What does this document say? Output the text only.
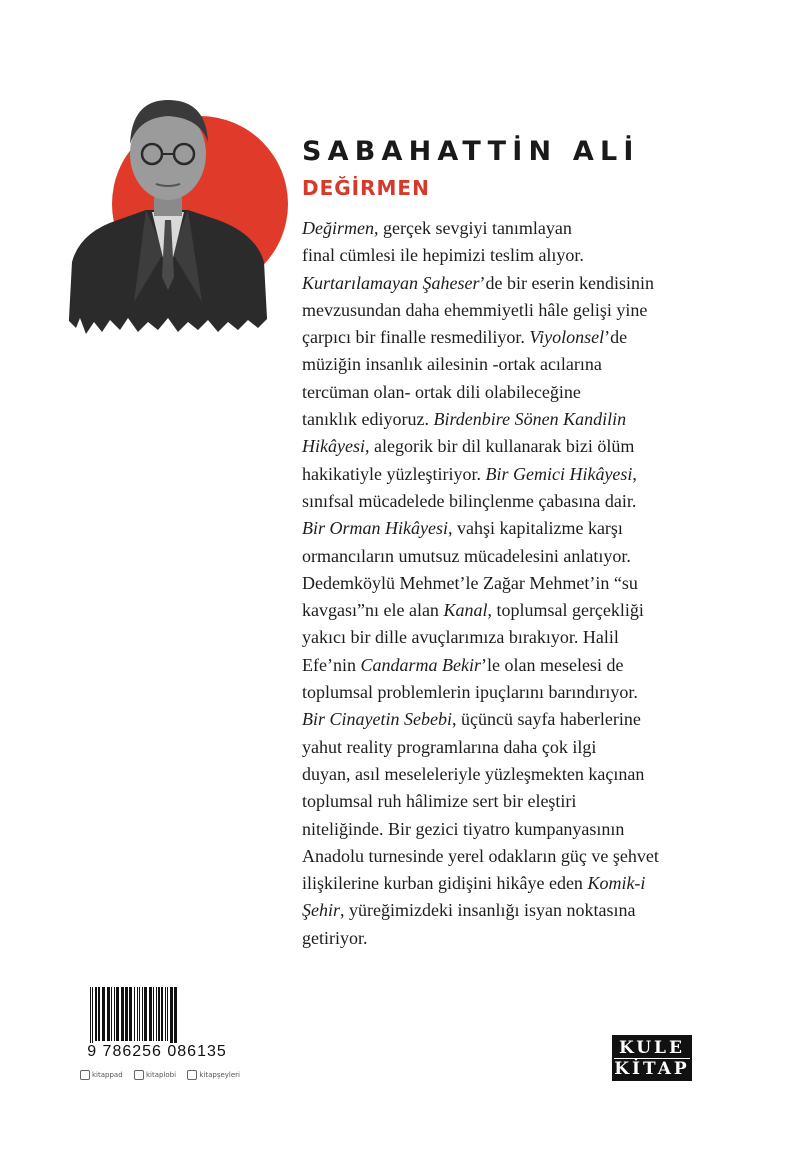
SABAHATTİN ALİ
DEĞİRMEN
Değirmen, gerçek sevgiyi tanımlayan
final cümlesi ile hepimizi teslim alıyor.
Kurtarılamayan Şaheser’de bir eserin kendisinin
mevzusundan daha ehemmiyetli hâle gelişi yine
çarpıcı bir finalle resmediliyor. Viyolonsel’de
müziğin insanlık ailesinin -ortak acılarına
tercüman olan- ortak dili olabileceğine
tanıklık ediyoruz. Birdenbire Sönen Kandilin
Hikâyesi, alegorik bir dil kullanarak bizi ölüm
hakikatiyle yüzleştiriyor. Bir Gemici Hikâyesi,
sınıfsal mücadelede bilinçlenme çabasına dair.
Bir Orman Hikâyesi, vahşi kapitalizme karşı
ormancıların umutsuz mücadelesini anlatıyor.
Dedemköylü Mehmet’le Zağar Mehmet’in “su
kavgası”nı ele alan Kanal, toplumsal gerçekliği
yakıcı bir dille avuçlarımıza bırakıyor. Halil
Efe’nin Candarma Bekir’le olan meselesi de
toplumsal problemlerin ipuçlarını barındırıyor.
Bir Cinayetin Sebebi, üçüncü sayfa haberlerine
yahut reality programlarına daha çok ilgi
duyan, asıl meseleleriyle yüzleşmekten kaçınan
toplumsal ruh hâlimize sert bir eleştiri
niteliğinde. Bir gezici tiyatro kumpanyasının
Anadolu turnesinde yerel odakların güç ve şehvet
ilişkilerine kurban gidişini hikâye eden Komik-i
Şehir, yüreğimizdeki insanlığı isyan noktasına
getiriyor.
9 786256 086135
kitappad	kitaplobi	kitapşeyleri
KULE
KİTAP
